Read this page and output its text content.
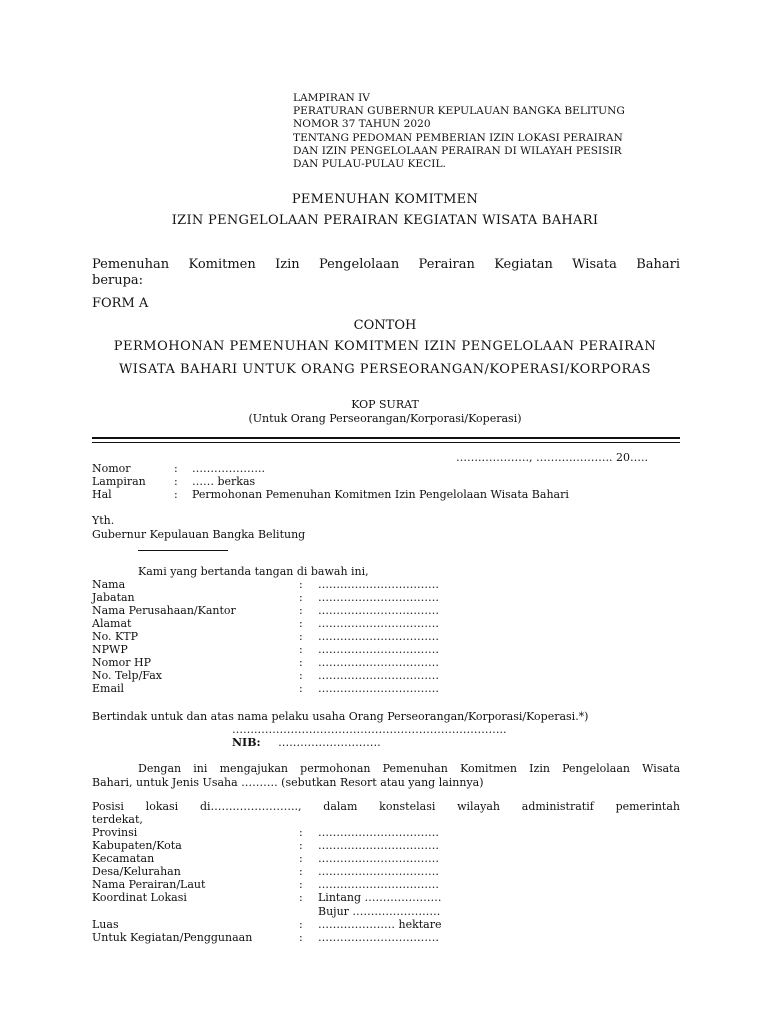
LAMPIRAN IV
PERATURAN GUBERNUR KEPULAUAN BANGKA BELITUNG
NOMOR 37 TAHUN 2020
TENTANG PEDOMAN PEMBERIAN IZIN LOKASI PERAIRAN
DAN IZIN PENGELOLAAN PERAIRAN DI WILAYAH PESISIR
DAN PULAU-PULAU KECIL.
PEMENUHAN KOMITMEN
IZIN PENGELOLAAN PERAIRAN KEGIATAN WISATA BAHARI
Pemenuhan Komitmen Izin Pengelolaan Perairan Kegiatan Wisata Bahari
berupa:
FORM A
CONTOH
PERMOHONAN PEMENUHAN KOMITMEN IZIN PENGELOLAAN PERAIRAN
WISATA BAHARI UNTUK ORANG PERSEORANGAN/KOPERASI/KORPORAS
KOP SURAT
(Untuk Orang Perseorangan/Korporasi/Koperasi)
…….…………., ……….……….. 20…..
Nomor	: ………………..
Lampiran	: …… berkas
Hal	: Permohonan Pemenuhan Komitmen Izin Pengelolaan Wisata Bahari
Yth.
Gubernur Kepulauan Bangka Belitung
Kami yang bertanda tangan di bawah ini,
Nama	: ……………………………
Jabatan	: ……………………………
Nama Perusahaan/Kantor	: ……………………………
Alamat	: ……………………………
No. KTP	: ……………………………
NPWP	: ……………………………
Nomor HP	: ……………………………
No. Telp/Fax	: ……………………………
Email	: ……………………………
Bertindak untuk dan atas nama pelaku usaha Orang Perseorangan/Korporasi/Koperasi.*)
…….…………………………………………………………..
NIB: ……………………….
Dengan ini mengajukan permohonan Pemenuhan Komitmen Izin Pengelolaan Wisata
Bahari, untuk Jenis Usaha ………. (sebutkan Resort atau yang lainnya)
Posisi lokasi di…….…………….., dalam konstelasi wilayah administratif pemerintah
terdekat,
Provinsi	: ……………………………
Kabupaten/Kota	: ……………………………
Kecamatan	: ……………………………
Desa/Kelurahan	: ……………………………
Nama Perairan/Laut	: ……………………………
Koordinat Lokasi	: Lintang …………………
Bujur ……………………
Luas	: ………………… hektare
Untuk Kegiatan/Penggunaan	: ……………………………
